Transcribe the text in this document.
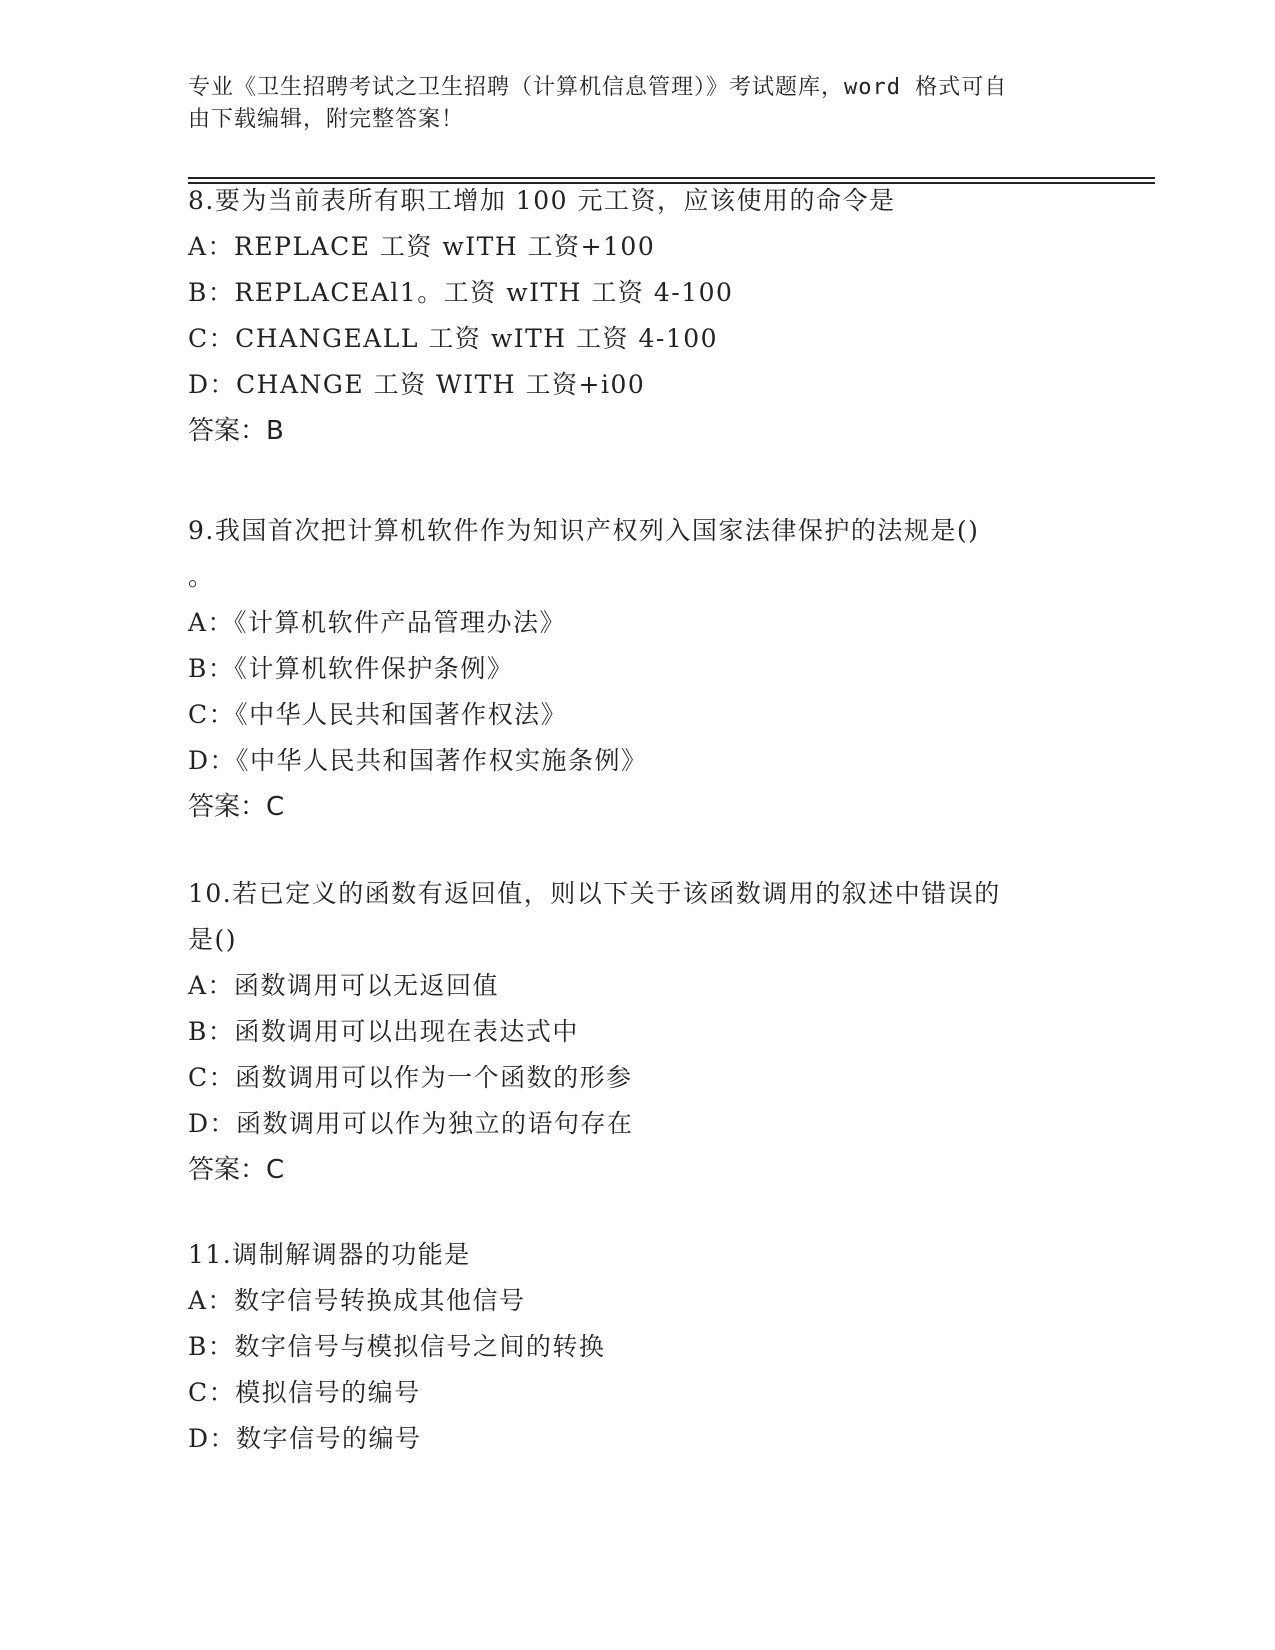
专业《卫生招聘考试之卫生招聘（计算机信息管理）》考试题库，word 格式可自
由下载编辑，附完整答案！

8.要为当前表所有职工增加 100 元工资，应该使用的命令是

A：REPLACE 工资 wITH 工资+100
B：REPLACEAl1。工资 wITH 工资 4-100
C：CHANGEALL 工资 wITH 工资 4-100
D：CHANGE 工资 WITH 工资+i00
答案：B

9.我国首次把计算机软件作为知识产权列入国家法律保护的法规是()
。

A：《计算机软件产品管理办法》
B：《计算机软件保护条例》
C：《中华人民共和国著作权法》
D：《中华人民共和国著作权实施条例》
答案：C

10.若已定义的函数有返回值，则以下关于该函数调用的叙述中错误的
是()

A：函数调用可以无返回值
B：函数调用可以出现在表达式中
C：函数调用可以作为一个函数的形参
D：函数调用可以作为独立的语句存在
答案：C

11.调制解调器的功能是

A：数字信号转换成其他信号
B：数字信号与模拟信号之间的转换
C：模拟信号的编号
D：数字信号的编号
